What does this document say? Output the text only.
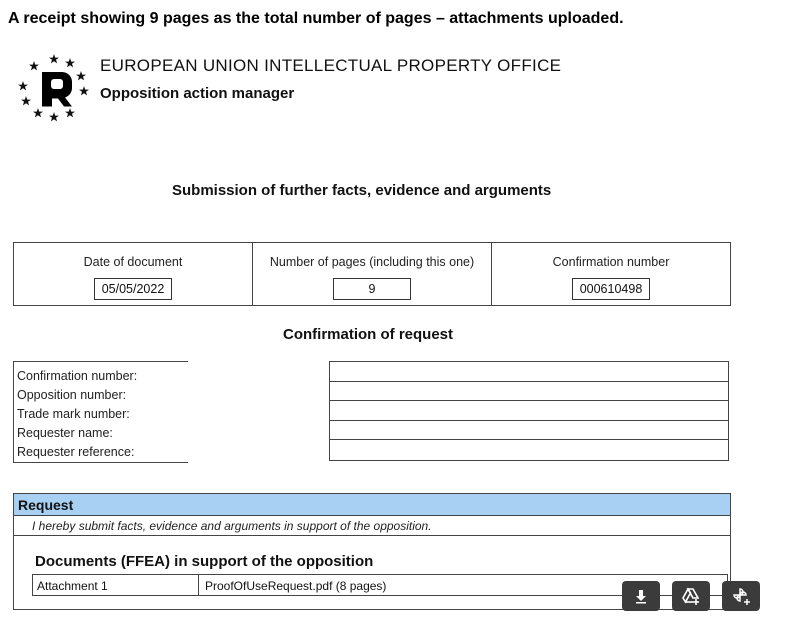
A receipt showing 9 pages as the total number of pages – attachments uploaded.
EUROPEAN UNION INTELLECTUAL PROPERTY OFFICE
Opposition action manager
Submission of further facts, evidence and arguments
Date of document
05/05/2022
Number of pages (including this one)
9
Confirmation number
000610498
Confirmation of request
Confirmation number:
Opposition number:
Trade mark number:
Requester name:
Requester reference:
Request
I hereby submit facts, evidence and arguments in support of the opposition.
Documents (FFEA) in support of the opposition
Attachment 1	ProofOfUseRequest.pdf (8 pages)
